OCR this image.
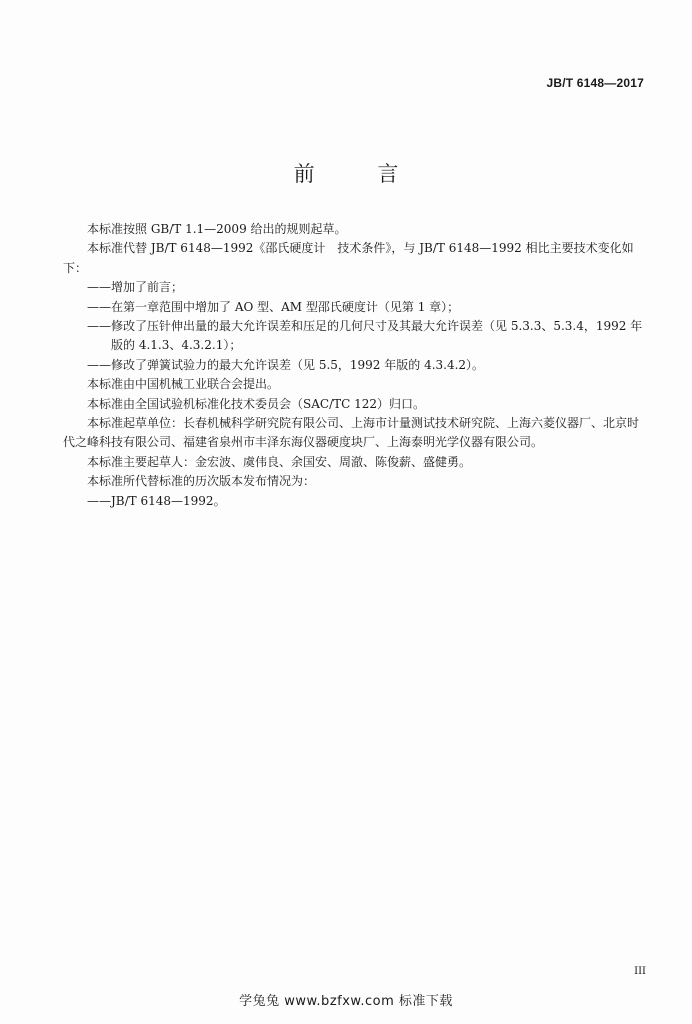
JB/T 6148—2017
前 言

本标准按照 GB/T 1.1—2009 给出的规则起草。

本标准代替 JB/T 6148—1992《邵氏硬度计　技术条件》，与 JB/T 6148—1992 相比主要技术变化如下：

——增加了前言；

——在第一章范围中增加了 AO 型、AM 型邵氏硬度计（见第 1 章）；

——修改了压针伸出量的最大允许误差和压足的几何尺寸及其最大允许误差（见 5.3.3、5.3.4，1992 年版的 4.1.3、4.3.2.1）；

——修改了弹簧试验力的最大允许误差（见 5.5，1992 年版的 4.3.4.2）。

本标准由中国机械工业联合会提出。

本标准由全国试验机标准化技术委员会（SAC/TC 122）归口。

本标准起草单位：长春机械科学研究院有限公司、上海市计量测试技术研究院、上海六菱仪器厂、北京时代之峰科技有限公司、福建省泉州市丰泽东海仪器硬度块厂、上海泰明光学仪器有限公司。

本标准主要起草人：金宏波、虞伟良、余国安、周澈、陈俊薪、盛健勇。

本标准所代替标准的历次版本发布情况为：

——JB/T 6148—1992。

III
学兔兔 www.bzfxw.com 标准下载
